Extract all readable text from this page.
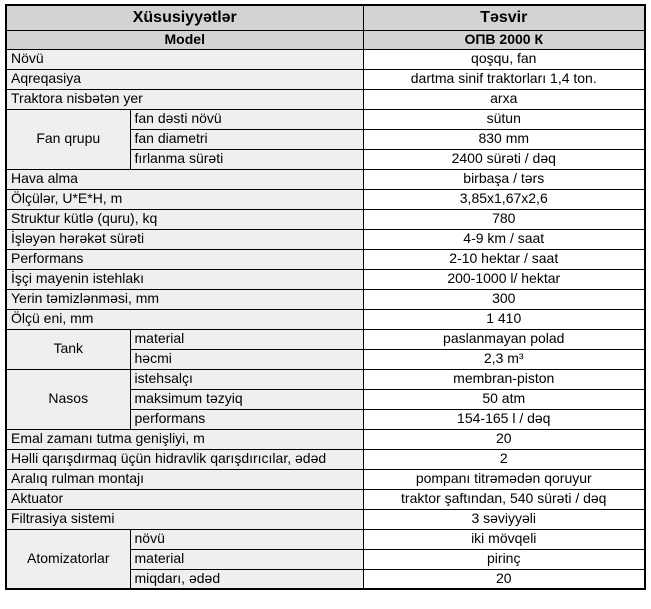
Xüsusiyyətlər		Təsvir
Model		ОПВ 2000 К
Növü		qoşqu, fan
Aqreqasiya		dartma sinif traktorları 1,4 ton.
Traktora nisbətən yer		arxa
Fan qrupu	fan dəsti növü	sütun
	fan diametri	830 mm
	fırlanma sürəti	2400 sürəti / dəq
Hava alma		birbaşa / tərs
Ölçülər, U*E*H, m		3,85x1,67x2,6
Struktur kütlə (quru), kq		780
İşləyən hərəkət sürəti		4-9 km / saat
Performans		2-10 hektar / saat
İşçi mayenin istehlakı		200-1000 l/ hektar
Yerin təmizlənməsi, mm		300
Ölçü eni, mm		1 410
Tank	material	paslanmayan polad
	həcmi	2,3 m³
Nasos	istehsalçı	membran-piston
	maksimum təzyiq	50 atm
	performans	154-165 l / dəq
Emal zamanı tutma genişliyi, m		20
Həlli qarışdırmaq üçün hidravlik qarışdırıcılar, ədəd		2
Aralıq rulman montajı		pompanı titrəmədən qoruyur
Aktuator		traktor şaftından, 540 sürəti / dəq
Filtrasiya sistemi		3 səviyyəli
Atomizatorlar	növü	iki mövqeli
	material	pirinç
	miqdarı, ədəd	20
